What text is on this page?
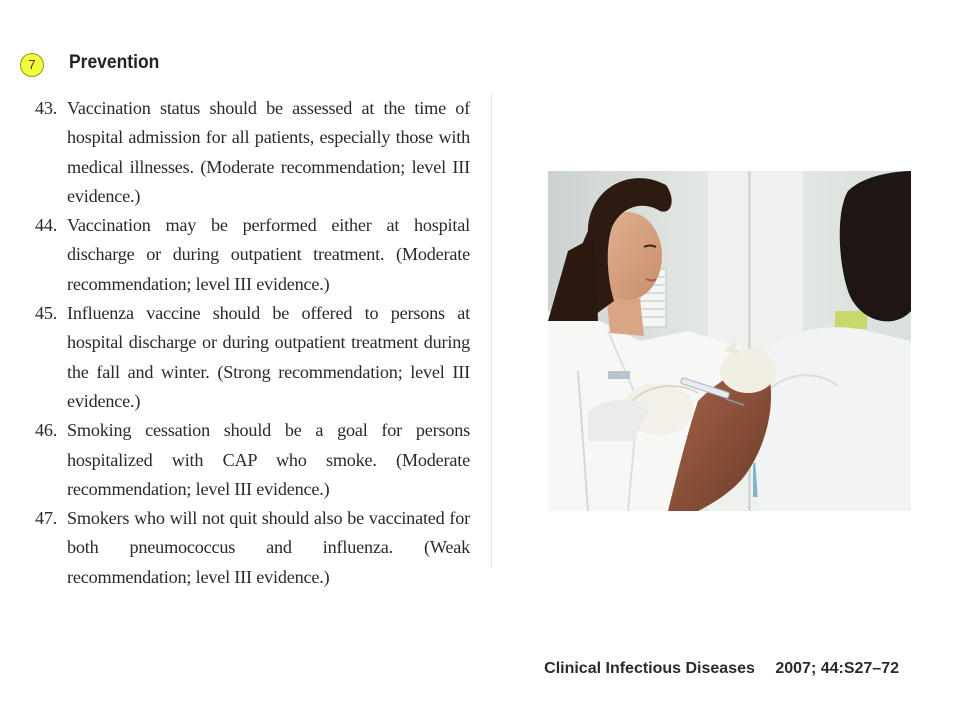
7	Prevention
43. Vaccination status should be assessed at the time of hospital admission for all patients, especially those with medical illnesses. (Moderate recommendation; level III evidence.)
44. Vaccination may be performed either at hospital discharge or during outpatient treatment. (Moderate recommendation; level III evidence.)
45. Influenza vaccine should be offered to persons at hospital discharge or during outpatient treatment during the fall and winter. (Strong recommendation; level III evidence.)
46. Smoking cessation should be a goal for persons hospitalized with CAP who smoke. (Moderate recommendation; level III evidence.)
47. Smokers who will not quit should also be vaccinated for both pneumococcus and influenza. (Weak recommendation; level III evidence.)
Clinical Infectious Diseases 2007; 44:S27–72
